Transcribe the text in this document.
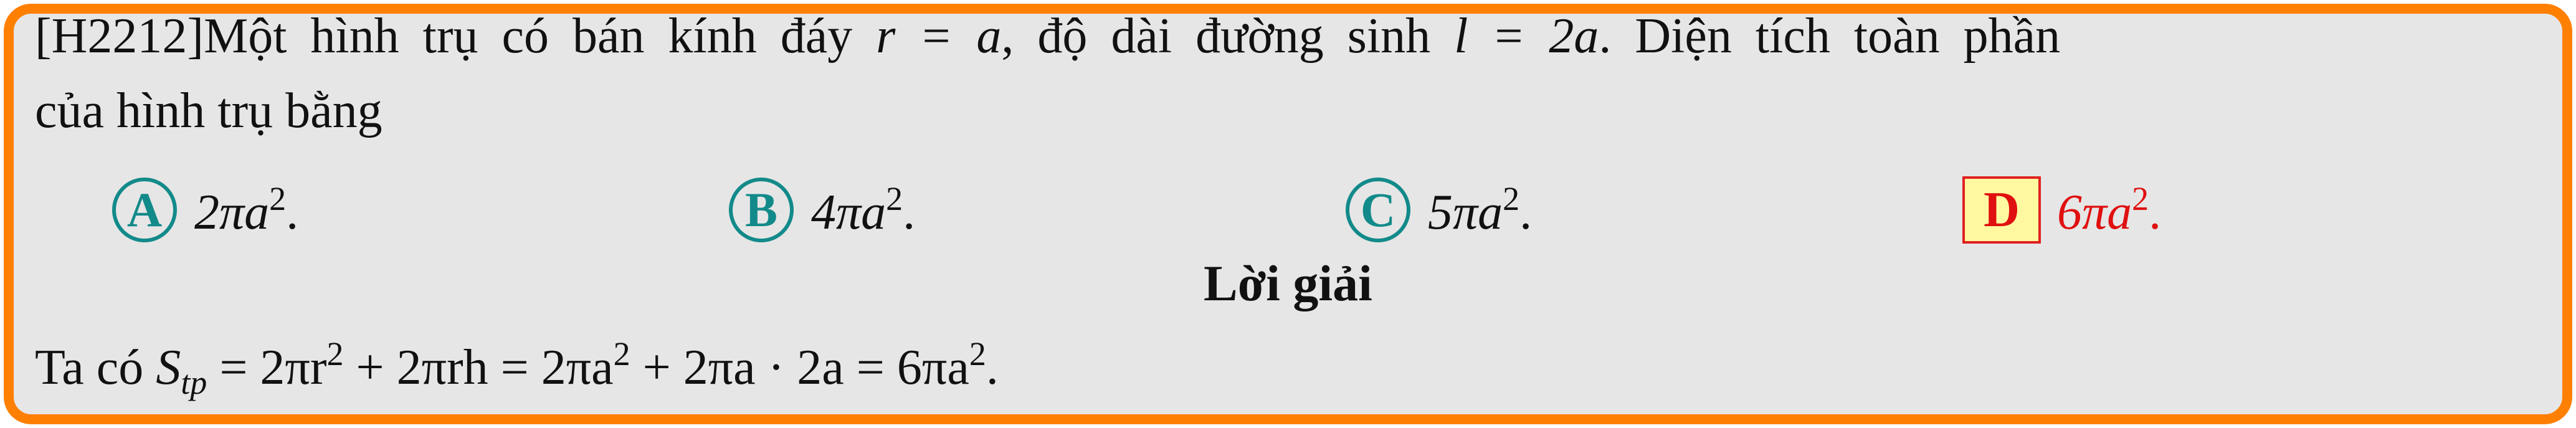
[H2212]Một hình trụ có bán kính đáy r = a, độ dài đường sinh l = 2a. Diện tích toàn phần
của hình trụ bằng
A $2\pi a^2$.	B $4\pi a^2$.	C $5\pi a^2$.	D $6\pi a^2$.
Lời giải
Ta có $S_{tp} = 2\pi r^2 + 2\pi rh = 2\pi a^2 + 2\pi a \cdot 2a = 6\pi a^2$.
